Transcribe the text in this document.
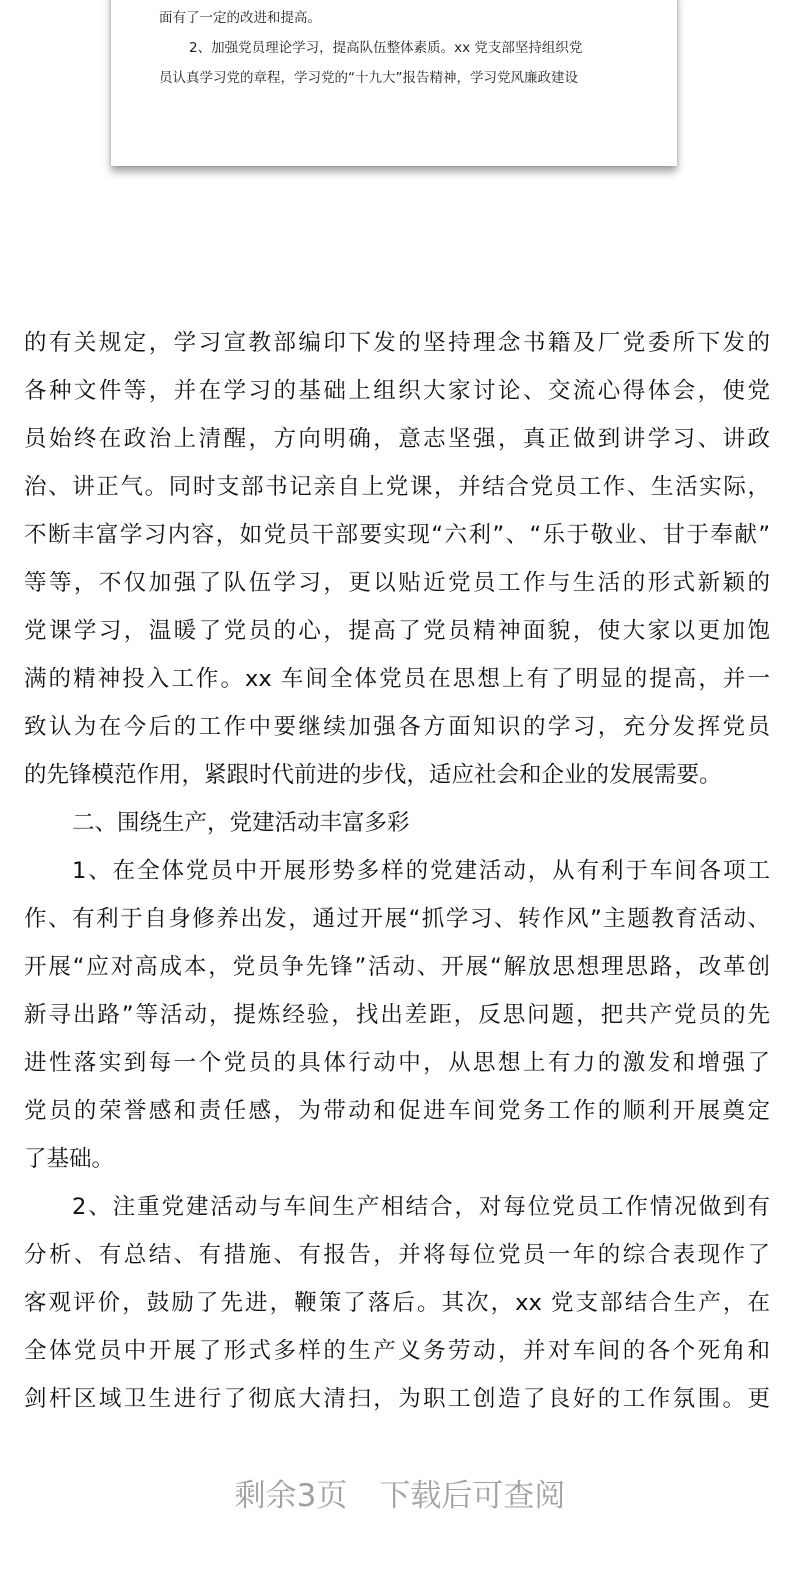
面有了一定的改进和提高。
2、加强党员理论学习，提高队伍整体素质。xx 党支部坚持组织党
员认真学习党的章程，学习党的“十九大”报告精神，学习党风廉政建设
的有关规定，学习宣教部编印下发的坚持理念书籍及厂党委所下发的
各种文件等，并在学习的基础上组织大家讨论、交流心得体会，使党
员始终在政治上清醒，方向明确，意志坚强，真正做到讲学习、讲政
治、讲正气。同时支部书记亲自上党课，并结合党员工作、生活实际，
不断丰富学习内容，如党员干部要实现“六利”、“乐于敬业、甘于奉献”
等等，不仅加强了队伍学习，更以贴近党员工作与生活的形式新颖的
党课学习，温暖了党员的心，提高了党员精神面貌，使大家以更加饱
满的精神投入工作。xx 车间全体党员在思想上有了明显的提高，并一
致认为在今后的工作中要继续加强各方面知识的学习，充分发挥党员
的先锋模范作用，紧跟时代前进的步伐，适应社会和企业的发展需要。
二、围绕生产，党建活动丰富多彩
1、在全体党员中开展形势多样的党建活动，从有利于车间各项工
作、有利于自身修养出发，通过开展“抓学习、转作风”主题教育活动、
开展“应对高成本，党员争先锋”活动、开展“解放思想理思路，改革创
新寻出路”等活动，提炼经验，找出差距，反思问题，把共产党员的先
进性落实到每一个党员的具体行动中，从思想上有力的激发和增强了
党员的荣誉感和责任感，为带动和促进车间党务工作的顺利开展奠定
了基础。
2、注重党建活动与车间生产相结合，对每位党员工作情况做到有
分析、有总结、有措施、有报告，并将每位党员一年的综合表现作了
客观评价，鼓励了先进，鞭策了落后。其次，xx 党支部结合生产，在
全体党员中开展了形式多样的生产义务劳动，并对车间的各个死角和
剑杆区域卫生进行了彻底大清扫，为职工创造了良好的工作氛围。更
剩余3页 下载后可查阅
